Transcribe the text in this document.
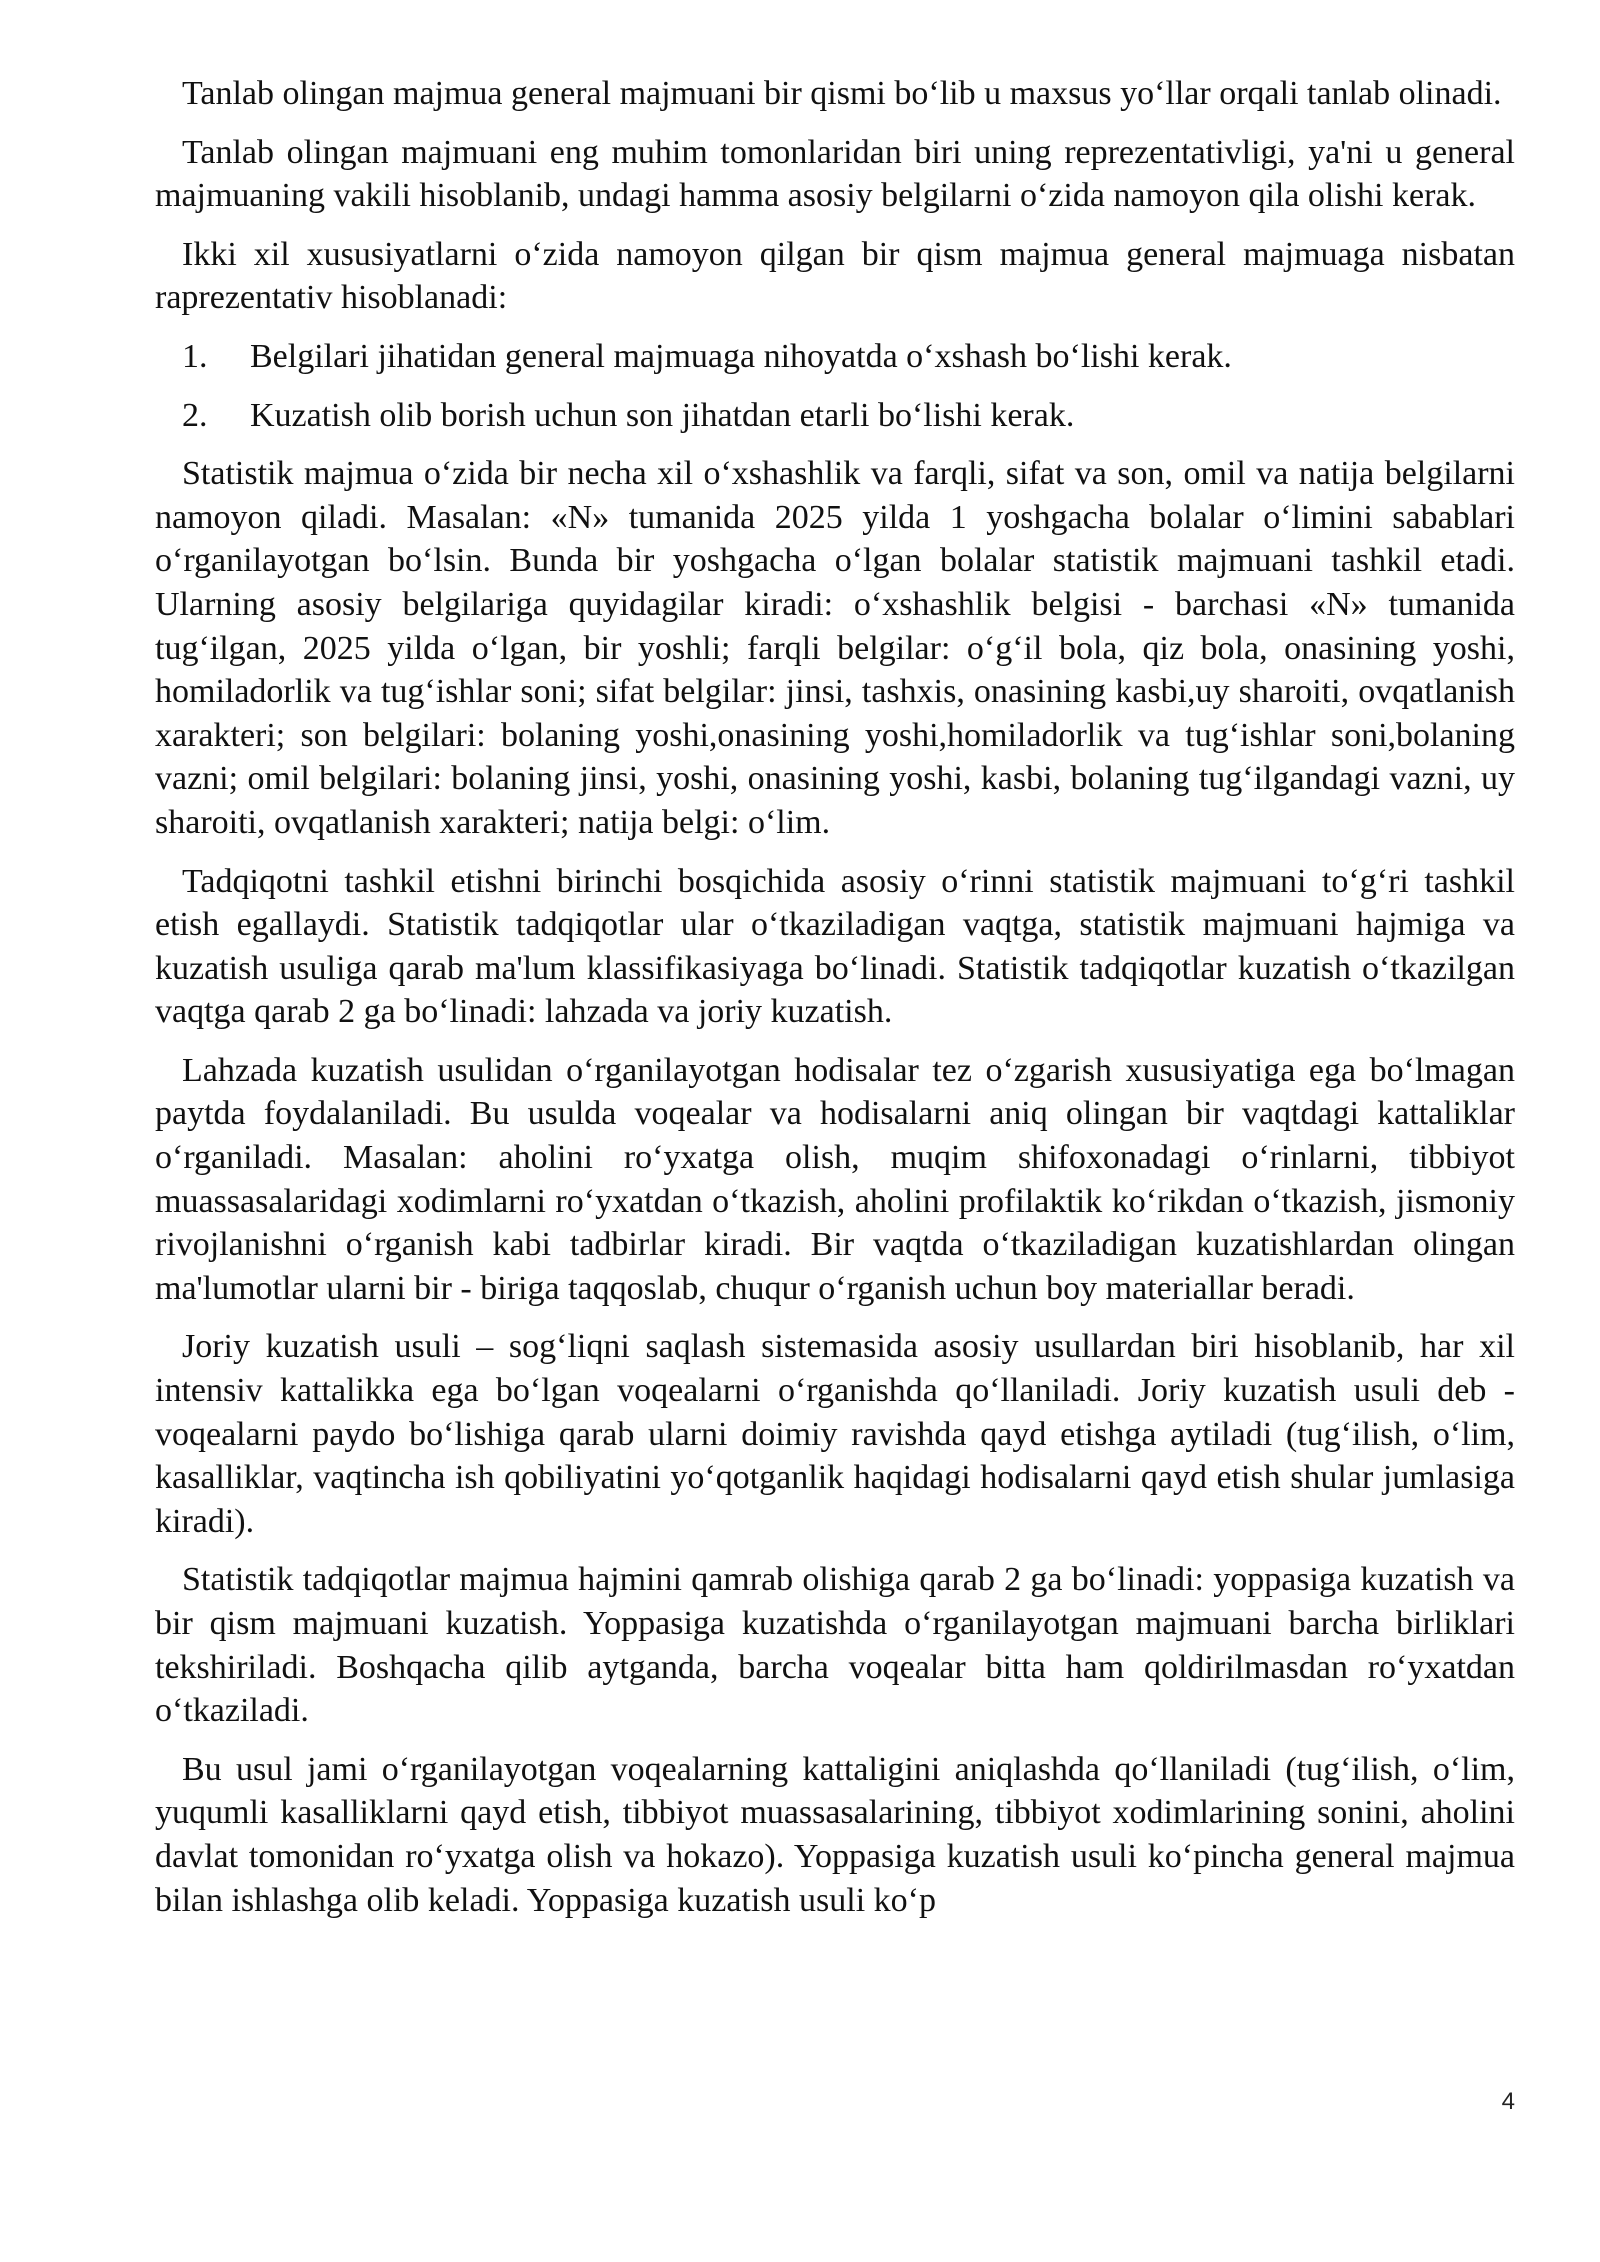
Tanlab olingan majmua general majmuani bir qismi bo‘lib u maxsus yo‘llar orqali tanlab olinadi.

Tanlab olingan majmuani eng muhim tomonlaridan biri uning reprezentativligi, ya'ni u general majmuaning vakili hisoblanib, undagi hamma asosiy belgilarni o‘zida namoyon qila olishi kerak.

Ikki xil xususiyatlarni o‘zida namoyon qilgan bir qism majmua general majmuaga nisbatan raprezentativ hisoblanadi:

1.	Belgilari jihatidan general majmuaga nihoyatda o‘xshash bo‘lishi kerak.
2.	Kuzatish olib borish uchun son jihatdan etarli bo‘lishi kerak.

Statistik majmua o‘zida bir necha xil o‘xshashlik va farqli, sifat va son, omil va natija belgilarni namoyon qiladi. Masalan: «N» tumanida 2025 yilda 1 yoshgacha bolalar o‘limini sabablari o‘rganilayotgan bo‘lsin. Bunda bir yoshgacha o‘lgan bolalar statistik majmuani tashkil etadi. Ularning asosiy belgilariga quyidagilar kiradi: o‘xshashlik belgisi - barchasi «N» tumanida tug‘ilgan, 2025 yilda o‘lgan, bir yoshli; farqli belgilar: o‘g‘il bola, qiz bola, onasining yoshi, homiladorlik va tug‘ishlar soni; sifat belgilar: jinsi, tashxis, onasining kasbi,uy sharoiti, ovqatlanish xarakteri; son belgilari: bolaning yoshi,onasining yoshi,homiladorlik va tug‘ishlar soni,bolaning vazni; omil belgilari: bolaning jinsi, yoshi, onasining yoshi, kasbi, bolaning tug‘ilgandagi vazni, uy sharoiti, ovqatlanish xarakteri; natija belgi: o‘lim.

Tadqiqotni tashkil etishni birinchi bosqichida asosiy o‘rinni statistik majmuani to‘g‘ri tashkil etish egallaydi. Statistik tadqiqotlar ular o‘tkaziladigan vaqtga, statistik majmuani hajmiga va kuzatish usuliga qarab ma'lum klassifikasiyaga bo‘linadi. Statistik tadqiqotlar kuzatish o‘tkazilgan vaqtga qarab 2 ga bo‘linadi: lahzada va joriy kuzatish.

Lahzada kuzatish usulidan o‘rganilayotgan hodisalar tez o‘zgarish xususiyatiga ega bo‘lmagan paytda foydalaniladi. Bu usulda voqealar va hodisalarni aniq olingan bir vaqtdagi kattaliklar o‘rganiladi. Masalan: aholini ro‘yxatga olish, muqim shifoxonadagi o‘rinlarni, tibbiyot muassasalaridagi xodimlarni ro‘yxatdan o‘tkazish, aholini profilaktik ko‘rikdan o‘tkazish, jismoniy rivojlanishni o‘rganish kabi tadbirlar kiradi. Bir vaqtda o‘tkaziladigan kuzatishlardan olingan ma'lumotlar ularni bir - biriga taqqoslab, chuqur o‘rganish uchun boy materiallar beradi.

Joriy kuzatish usuli – sog‘liqni saqlash sistemasida asosiy usullardan biri hisoblanib, har xil intensiv kattalikka ega bo‘lgan voqealarni o‘rganishda qo‘llaniladi. Joriy kuzatish usuli deb - voqealarni paydo bo‘lishiga qarab ularni doimiy ravishda qayd etishga aytiladi (tug‘ilish, o‘lim, kasalliklar, vaqtincha ish qobiliyatini yo‘qotganlik haqidagi hodisalarni qayd etish shular jumlasiga kiradi).

Statistik tadqiqotlar majmua hajmini qamrab olishiga qarab 2 ga bo‘linadi: yoppasiga kuzatish va bir qism majmuani kuzatish. Yoppasiga kuzatishda o‘rganilayotgan majmuani barcha birliklari tekshiriladi. Boshqacha qilib aytganda, barcha voqealar bitta ham qoldirilmasdan ro‘yxatdan o‘tkaziladi.

Bu usul jami o‘rganilayotgan voqealarning kattaligini aniqlashda qo‘llaniladi (tug‘ilish, o‘lim, yuqumli kasalliklarni qayd etish, tibbiyot muassasalarining, tibbiyot xodimlarining sonini, aholini davlat tomonidan ro‘yxatga olish va hokazo). Yoppasiga kuzatish usuli ko‘pincha general majmua bilan ishlashga olib keladi. Yoppasiga kuzatish usuli ko‘p

4
